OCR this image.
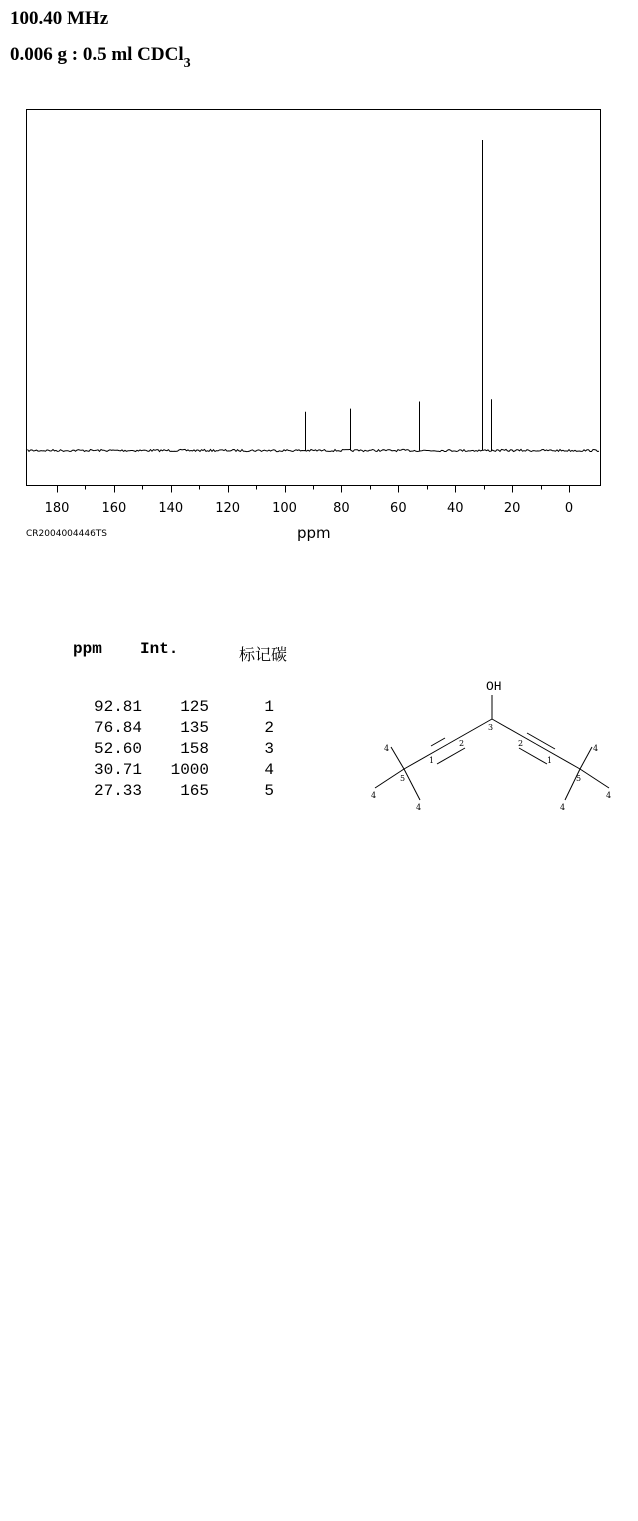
100.40 MHz
0.006 g : 0.5 ml CDCl$_3$
180 160 140 120 100	80	60	40	20	0
ppm
CR2004004446TS
ppm Int.	标记碳
92.81 125	1
76.84 135	2
52.60 158	3
30.71 1000	4
27.33 165	5
OH
3
2
1
5
4
4
4
2
1
5
4
4
4
